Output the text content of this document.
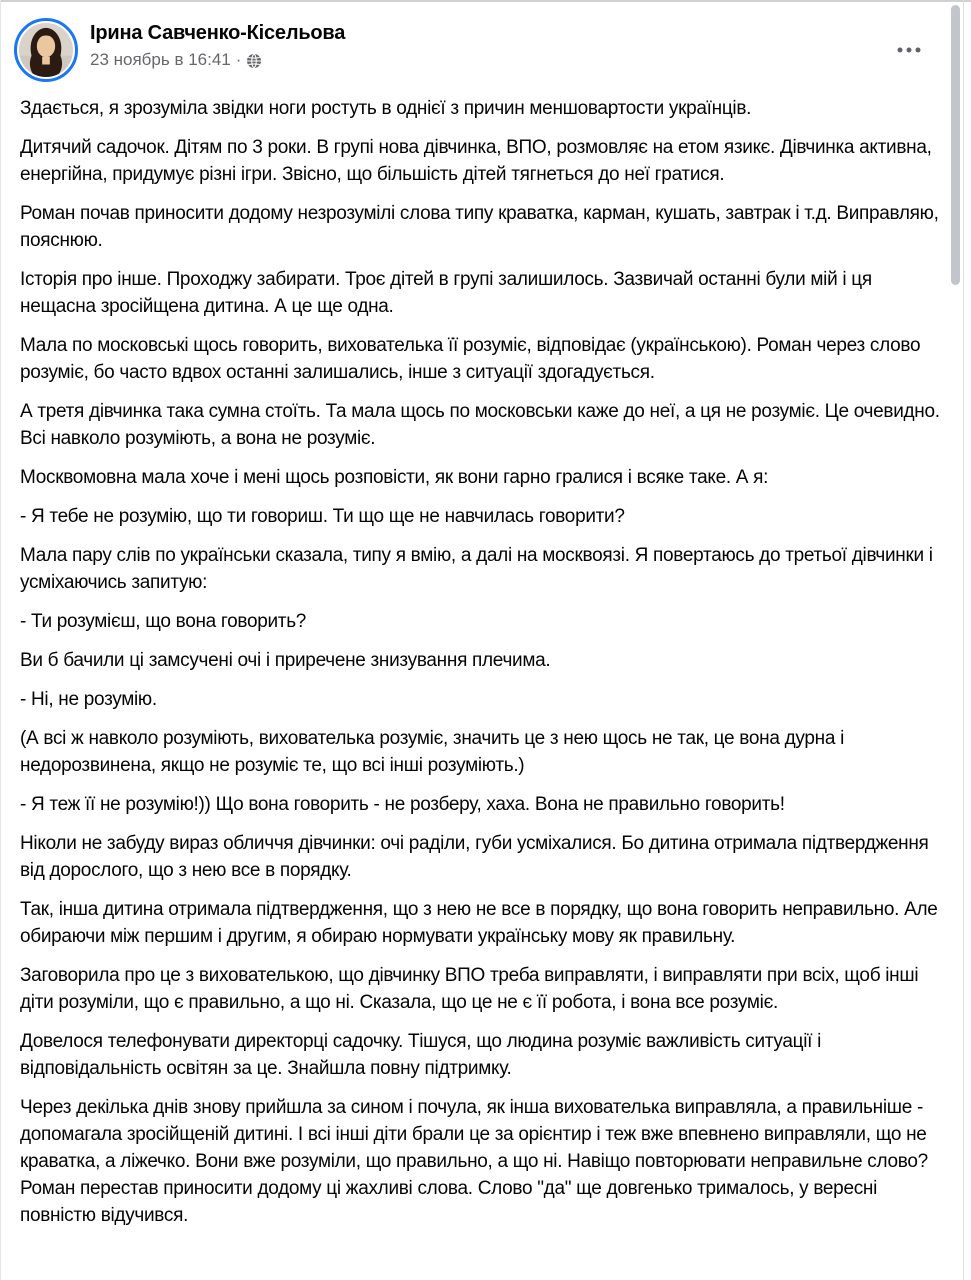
Ірина Савченко-Кісельова
23 ноябрь в 16:41 ·

Здається, я зрозуміла звідки ноги ростуть в однієї з причин меншовартости українців.

Дитячий садочок. Дітям по 3 роки. В групі нова дівчинка, ВПО, розмовляє на етом язикє. Дівчинка активна, енергійна, придумує різні ігри. Звісно, що більшість дітей тягнеться до неї гратися.

Роман почав приносити додому незрозумілі слова типу краватка, карман, кушать, завтрак і т.д. Виправляю, пояснюю.

Історія про інше. Проходжу забирати. Троє дітей в групі залишилось. Зазвичай останні були мій і ця нещасна зросійщена дитина. А це ще одна.

Мала по московські щось говорить, вихователька її розуміє, відповідає (українською). Роман через слово розуміє, бо часто вдвох останні залишались, інше з ситуації здогадується.

А третя дівчинка така сумна стоїть. Та мала щось по московськи каже до неї, а ця не розуміє. Це очевидно. Всі навколо розуміють, а вона не розуміє.

Москвомовна мала хоче і мені щось розповісти, як вони гарно гралися і всяке таке. А я:

- Я тебе не розумію, що ти говориш. Ти що ще не навчилась говорити?

Мала пару слів по українськи сказала, типу я вмію, а далі на москвоязі. Я повертаюсь до третьої дівчинки і усміхаючись запитую:

- Ти розумієш, що вона говорить?

Ви б бачили ці замсучені очі і приречене знизування плечима.

- Ні, не розумію.

(А всі ж навколо розуміють, вихователька розуміє, значить це з нею щось не так, це вона дурна і недорозвинена, якщо не розуміє те, що всі інші розуміють.)

- Я теж її не розумію!)) Що вона говорить - не розберу, хаха. Вона не правильно говорить!

Ніколи не забуду вираз обличчя дівчинки: очі раділи, губи усміхалися. Бо дитина отримала підтвердження від дорослого, що з нею все в порядку.

Так, інша дитина отримала підтвердження, що з нею не все в порядку, що вона говорить неправильно. Але обираючи між першим і другим, я обираю нормувати українську мову як правильну.

Заговорила про це з вихователькою, що дівчинку ВПО треба виправляти, і виправляти при всіх, щоб інші діти розуміли, що є правильно, а що ні. Сказала, що це не є її робота, і вона все розуміє.

Довелося телефонувати директорці садочку. Тішуся, що людина розуміє важливість ситуації і відповідальність освітян за це. Знайшла повну підтримку.

Через декілька днів знову прийшла за сином і почула, як інша вихователька виправляла, а правильніше - допомагала зросійщеній дитині. І всі інші діти брали це за орієнтир і теж вже впевнено виправляли, що не краватка, а ліжечко. Вони вже розуміли, що правильно, а що ні. Навіщо повторювати неправильне слово? Роман перестав приносити додому ці жахливі слова. Слово "да" ще довгенько трималось, у вересні повністю відучився.
